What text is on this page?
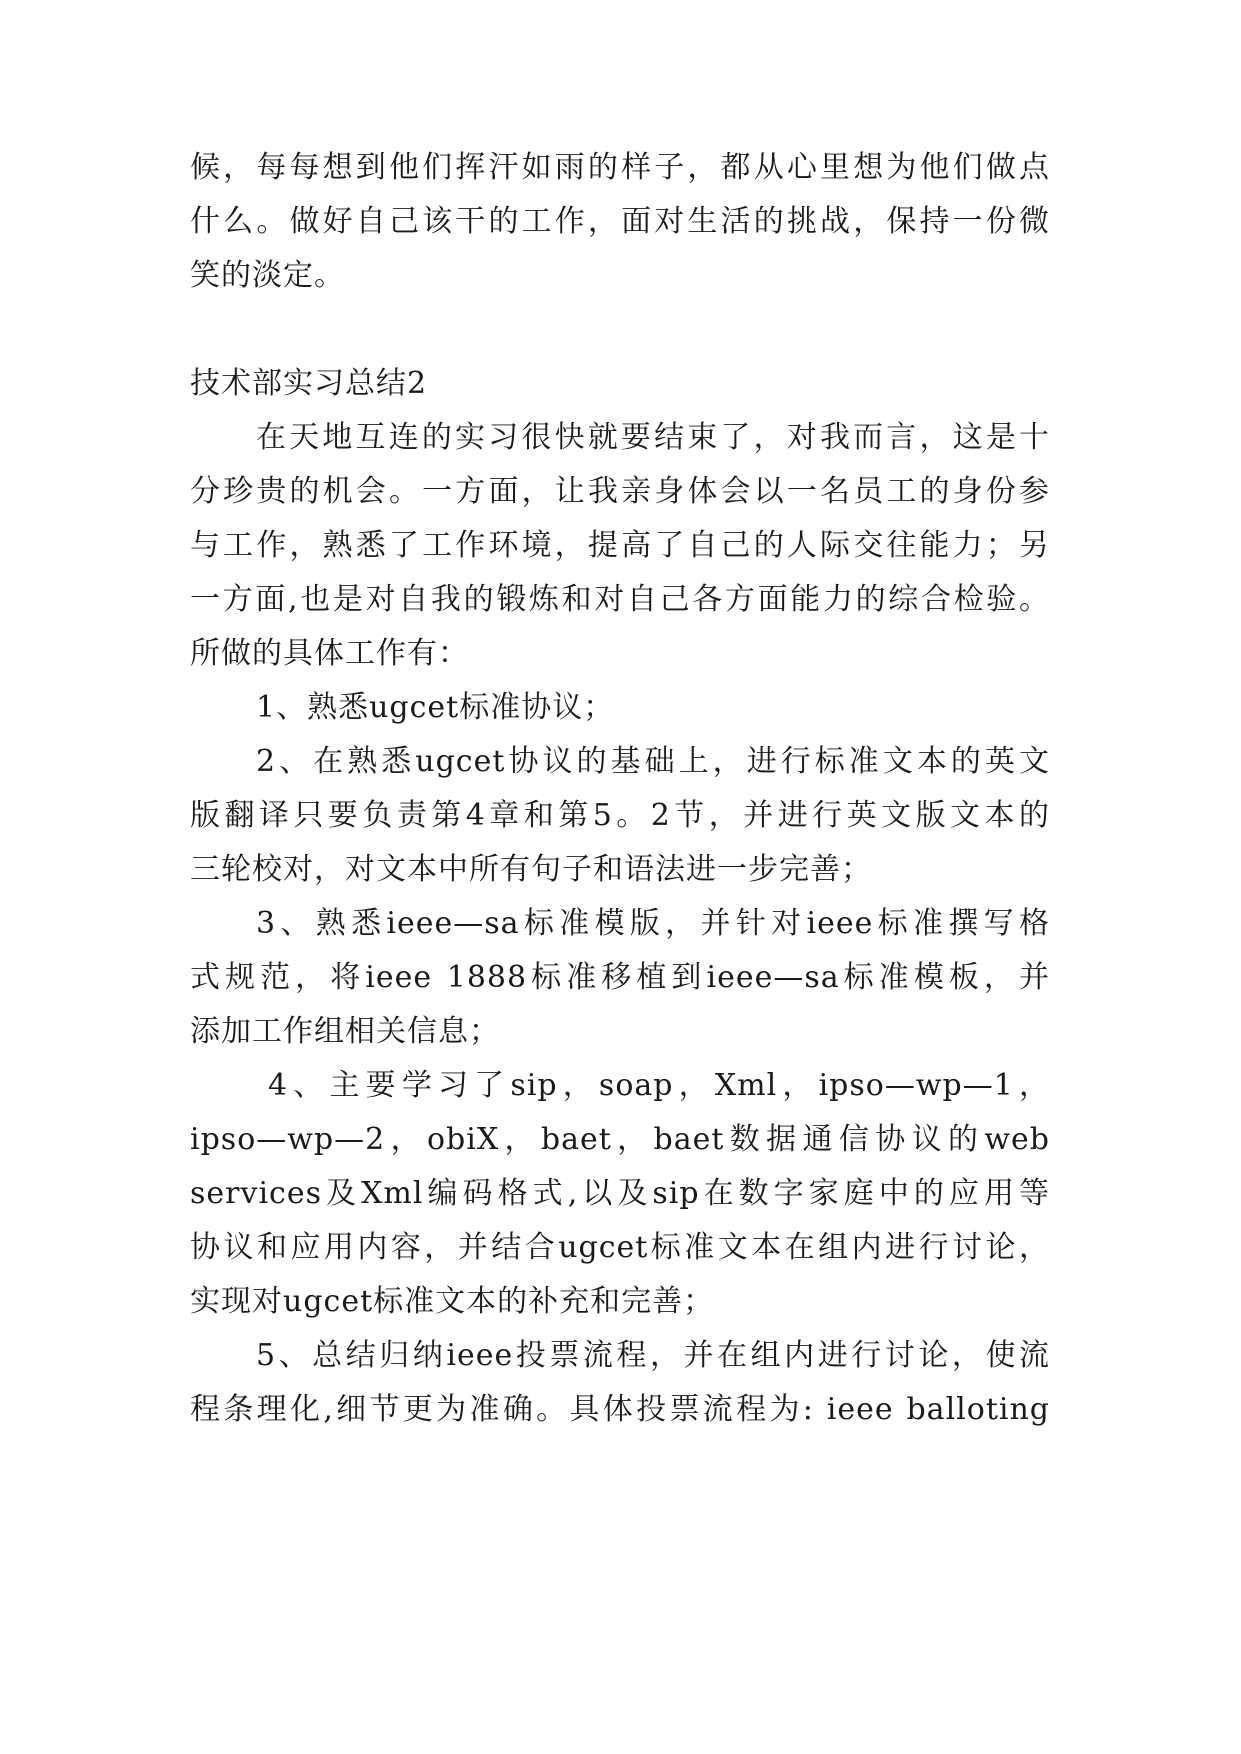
候，每每想到他们挥汗如雨的样子，都从心里想为他们做点
什么。做好自己该干的工作，面对生活的挑战，保持一份微
笑的淡定。
技术部实习总结2
在天地互连的实习很快就要结束了，对我而言，这是十
分珍贵的机会。一方面，让我亲身体会以一名员工的身份参
与工作，熟悉了工作环境，提高了自己的人际交往能力；另
一方面,也是对自我的锻炼和对自己各方面能力的综合检验。
所做的具体工作有：
1、熟悉ugcet标准协议；
2、在熟悉ugcet协议的基础上，进行标准文本的英文
版翻译只要负责第4章和第5。2节，并进行英文版文本的
三轮校对，对文本中所有句子和语法进一步完善；
3、熟悉ieee—sa标准模版，并针对ieee标准撰写格
式规范，将ieee 1888标准移植到ieee—sa标准模板，并
添加工作组相关信息；
4、主要学习了sip，soap，Xml，ipso—wp—1，
ipso—wp—2，obiX，baet，baet数据通信协议的web
services及Xml编码格式,以及sip在数字家庭中的应用等
协议和应用内容，并结合ugcet标准文本在组内进行讨论，
实现对ugcet标准文本的补充和完善；
5、总结归纳ieee投票流程，并在组内进行讨论，使流
程条理化,细节更为准确。具体投票流程为: ieee balloting
